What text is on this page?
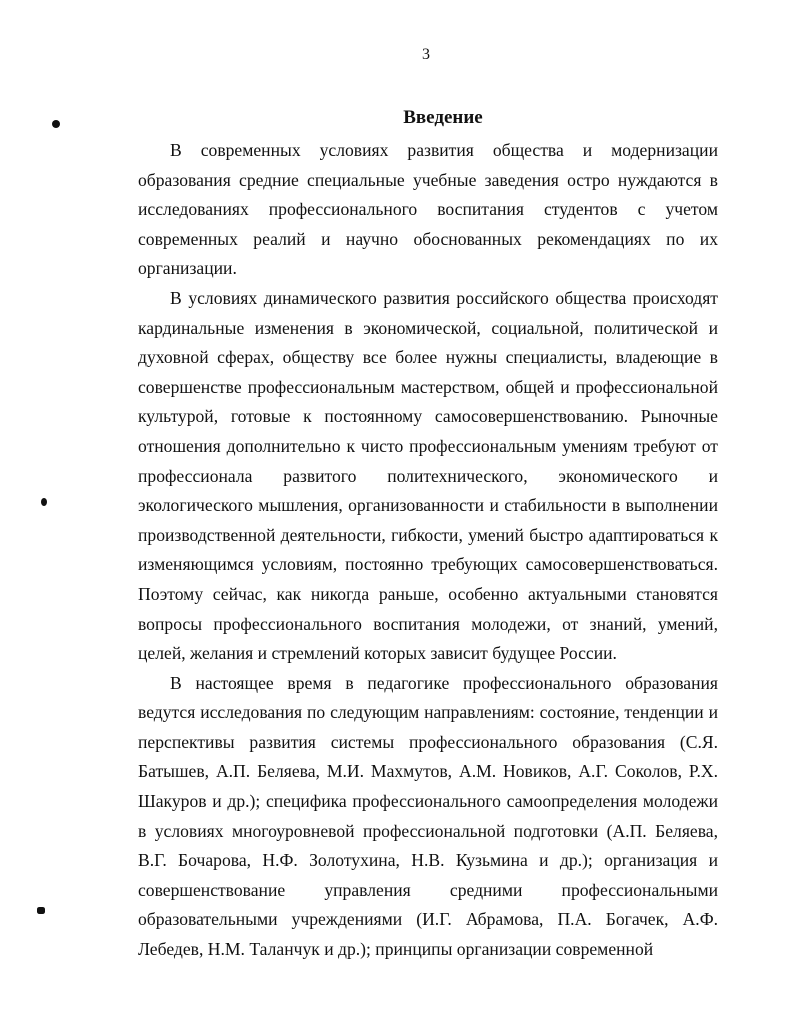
3
Введение

В современных условиях развития общества и модернизации образования средние специальные учебные заведения остро нуждаются в исследованиях профессионального воспитания студентов с учетом современных реалий и научно обоснованных рекомендациях по их организации.

В условиях динамического развития российского общества происходят кардинальные изменения в экономической, социальной, политической и духовной сферах, обществу все более нужны специалисты, владеющие в совершенстве профессиональным мастерством, общей и профессиональной культурой, готовые к постоянному самосовершенствованию. Рыночные отношения дополнительно к чисто профессиональным умениям требуют от профессионала развитого политехнического, экономического и экологического мышления, организованности и стабильности в выполнении производственной деятельности, гибкости, умений быстро адаптироваться к изменяющимся условиям, постоянно требующих самосовершенствоваться. Поэтому сейчас, как никогда раньше, особенно актуальными становятся вопросы профессионального воспитания молодежи, от знаний, умений, целей, желания и стремлений которых зависит будущее России.

В настоящее время в педагогике профессионального образования ведутся исследования по следующим направлениям: состояние, тенденции и перспективы развития системы профессионального образования (С.Я. Батышев, А.П. Беляева, М.И. Махмутов, А.М. Новиков, А.Г. Соколов, Р.Х. Шакуров и др.); специфика профессионального самоопределения молодежи в условиях многоуровневой профессиональной подготовки (А.П. Беляева, В.Г. Бочарова, Н.Ф. Золотухина, Н.В. Кузьмина и др.); организация и совершенствование управления средними профессиональными образовательными учреждениями (И.Г. Абрамова, П.А. Богачек, А.Ф. Лебедев, Н.М. Таланчук и др.); принципы организации современной
